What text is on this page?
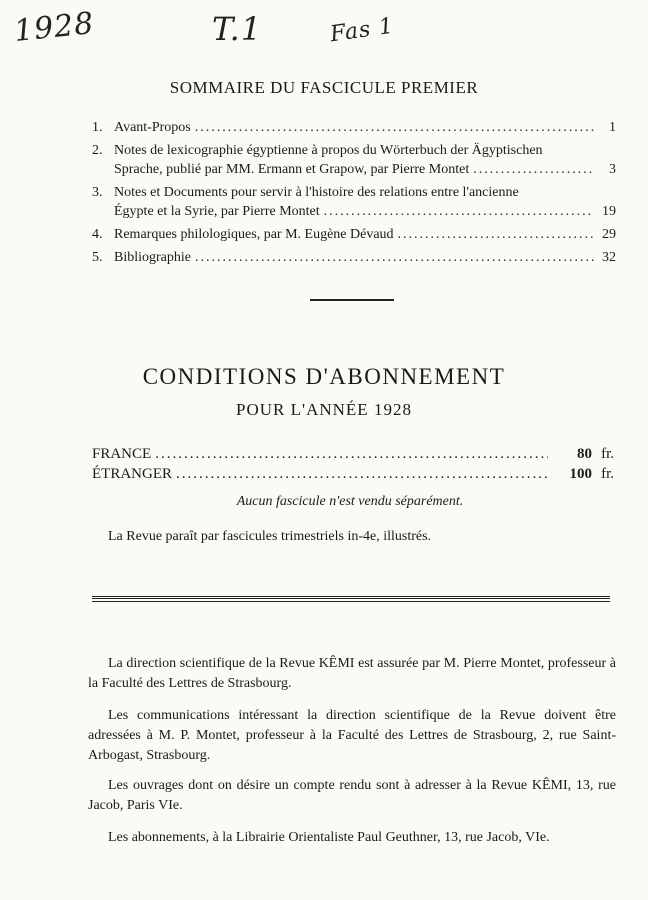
1928	T.1	Fas 1
SOMMAIRE DU FASCICULE PREMIER
1. Avant-Propos .....	1
2. Notes de lexicographie égyptienne à propos du Wörterbuch der Ägyptischen
Sprache, publié par MM. Ermann et Grapow, par Pierre Montet .....	3
3. Notes et Documents pour servir à l'histoire des relations entre l'ancienne
Égypte et la Syrie, par Pierre Montet .....	19
4. Remarques philologiques, par M. Eugène Dévaud .....	29
5. Bibliographie .....	32
CONDITIONS D'ABONNEMENT
POUR L'ANNÉE 1928
FRANCE .....	80 fr.
ÉTRANGER .....	100 fr.
Aucun fascicule n'est vendu séparément.
La Revue paraît par fascicules trimestriels in-4e, illustrés.
La direction scientifique de la Revue KÊMI est assurée par M. Pierre Montet, professeur à la Faculté des Lettres de Strasbourg.
Les communications intéressant la direction scientifique de la Revue doivent être adressées à M. P. Montet, professeur à la Faculté des Lettres de Strasbourg, 2, rue Saint-Arbogast, Strasbourg.
Les ouvrages dont on désire un compte rendu sont à adresser à la Revue KÊMI, 13, rue Jacob, Paris VIe.
Les abonnements, à la Librairie Orientaliste Paul Geuthner, 13, rue Jacob, VIe.
